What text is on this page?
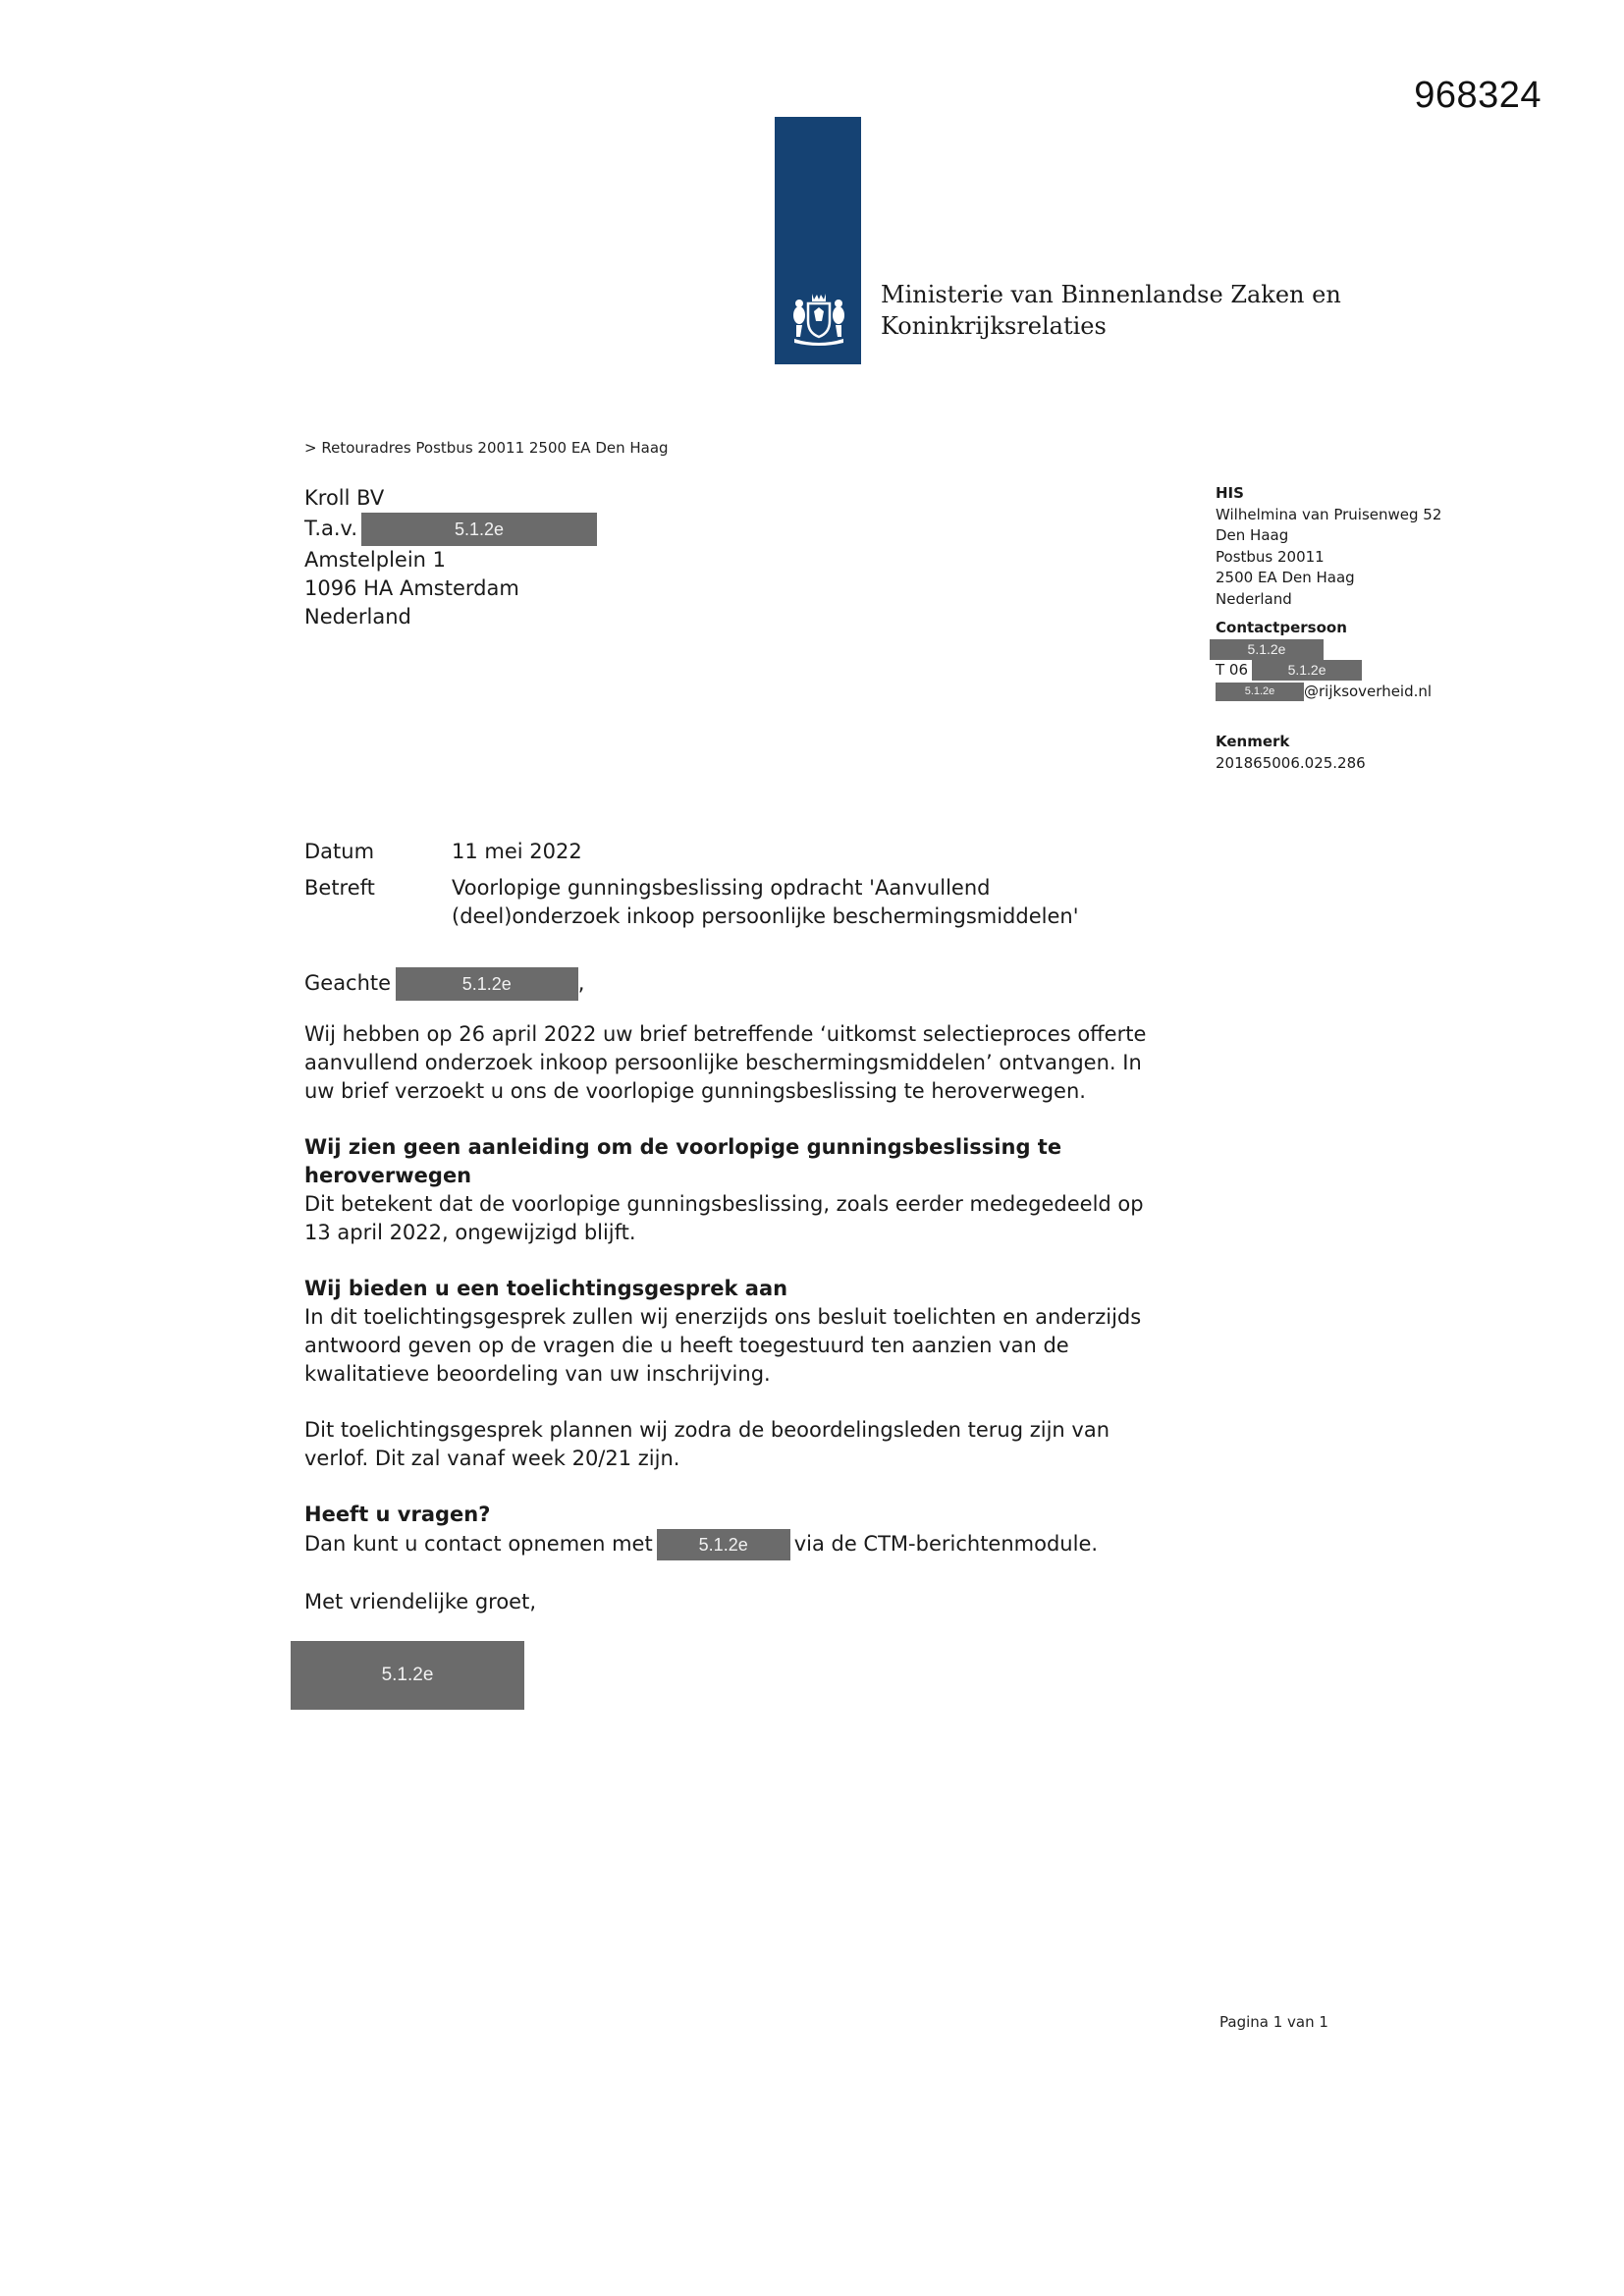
968324
Ministerie van Binnenlandse Zaken en
Koninkrijksrelaties
> Retouradres Postbus 20011 2500 EA Den Haag
Kroll BV
T.a.v.	5.1.2e
Amstelplein 1
1096 HA Amsterdam
Nederland
HIS
Wilhelmina van Pruisenweg 52
Den Haag
Postbus 20011
2500 EA Den Haag
Nederland
Contactpersoon
5.1.2e
T 06	5.1.2e
5.1.2e @rijksoverheid.nl
Kenmerk
201865006.025.286
Datum	11 mei 2022
Betreft	Voorlopige gunningsbeslissing opdracht 'Aanvullend
(deel)onderzoek inkoop persoonlijke beschermingsmiddelen'

Geachte	5.1.2e	,

Wij hebben op 26 april 2022 uw brief betreffende ‘uitkomst selectieproces offerte

aanvullend onderzoek inkoop persoonlijke beschermingsmiddelen’ ontvangen. In

uw brief verzoekt u ons de voorlopige gunningsbeslissing te heroverwegen.

Wij zien geen aanleiding om de voorlopige gunningsbeslissing te

heroverwegen

Dit betekent dat de voorlopige gunningsbeslissing, zoals eerder medegedeeld op

13 april 2022, ongewijzigd blijft.

Wij bieden u een toelichtingsgesprek aan

In dit toelichtingsgesprek zullen wij enerzijds ons besluit toelichten en anderzijds

antwoord geven op de vragen die u heeft toegestuurd ten aanzien van de

kwalitatieve beoordeling van uw inschrijving.

Dit toelichtingsgesprek plannen wij zodra de beoordelingsleden terug zijn van

verlof. Dit zal vanaf week 20/21 zijn.

Heeft u vragen?

Dan kunt u contact opnemen met	5.1.2e via de CTM-berichtenmodule.

Met vriendelijke groet,

5.1.2e
Pagina 1 van 1
